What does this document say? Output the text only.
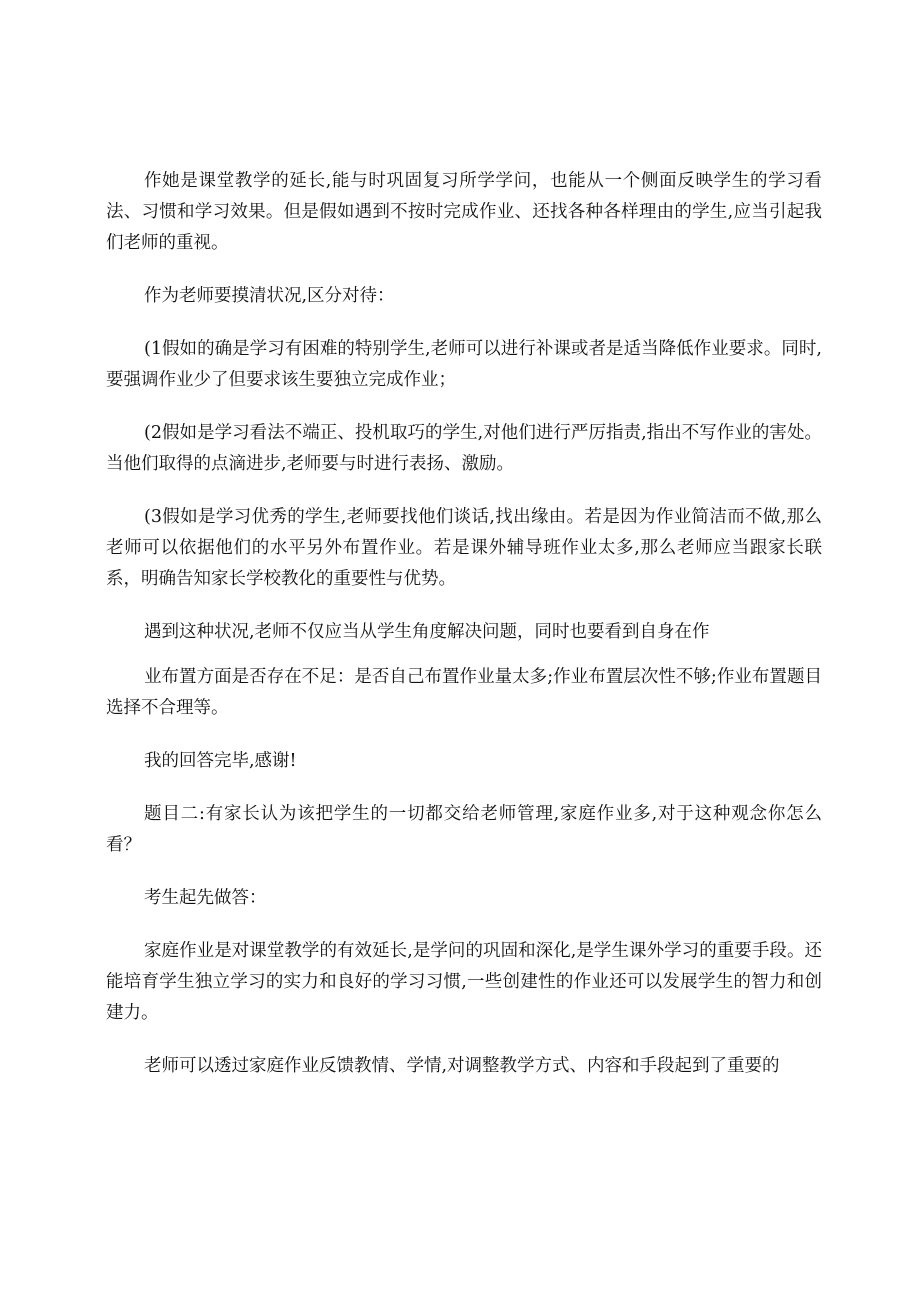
作她是课堂教学的延长,能与时巩固复习所学学问，也能从一个侧面反映学生的学习看法、习惯和学习效果。但是假如遇到不按时完成作业、还找各种各样理由的学生,应当引起我们老师的重视。

作为老师要摸清状况,区分对待：

(1假如的确是学习有困难的特别学生,老师可以进行补课或者是适当降低作业要求。同时,要强调作业少了但要求该生要独立完成作业；

(2假如是学习看法不端正、投机取巧的学生,对他们进行严厉指责,指出不写作业的害处。当他们取得的点滴进步,老师要与时进行表扬、激励。

(3假如是学习优秀的学生,老师要找他们谈话,找出缘由。若是因为作业简洁而不做,那么老师可以依据他们的水平另外布置作业。若是课外辅导班作业太多,那么老师应当跟家长联系，明确告知家长学校教化的重要性与优势。

遇到这种状况,老师不仅应当从学生角度解决问题，同时也要看到自身在作

业布置方面是否存在不足：是否自己布置作业量太多;作业布置层次性不够;作业布置题目选择不合理等。

我的回答完毕,感谢!

题目二:有家长认为该把学生的一切都交给老师管理,家庭作业多,对于这种观念你怎么看？

考生起先做答：

家庭作业是对课堂教学的有效延长,是学问的巩固和深化,是学生课外学习的重要手段。还能培育学生独立学习的实力和良好的学习习惯,一些创建性的作业还可以发展学生的智力和创建力。

老师可以透过家庭作业反馈教情、学情,对调整教学方式、内容和手段起到了重要的
